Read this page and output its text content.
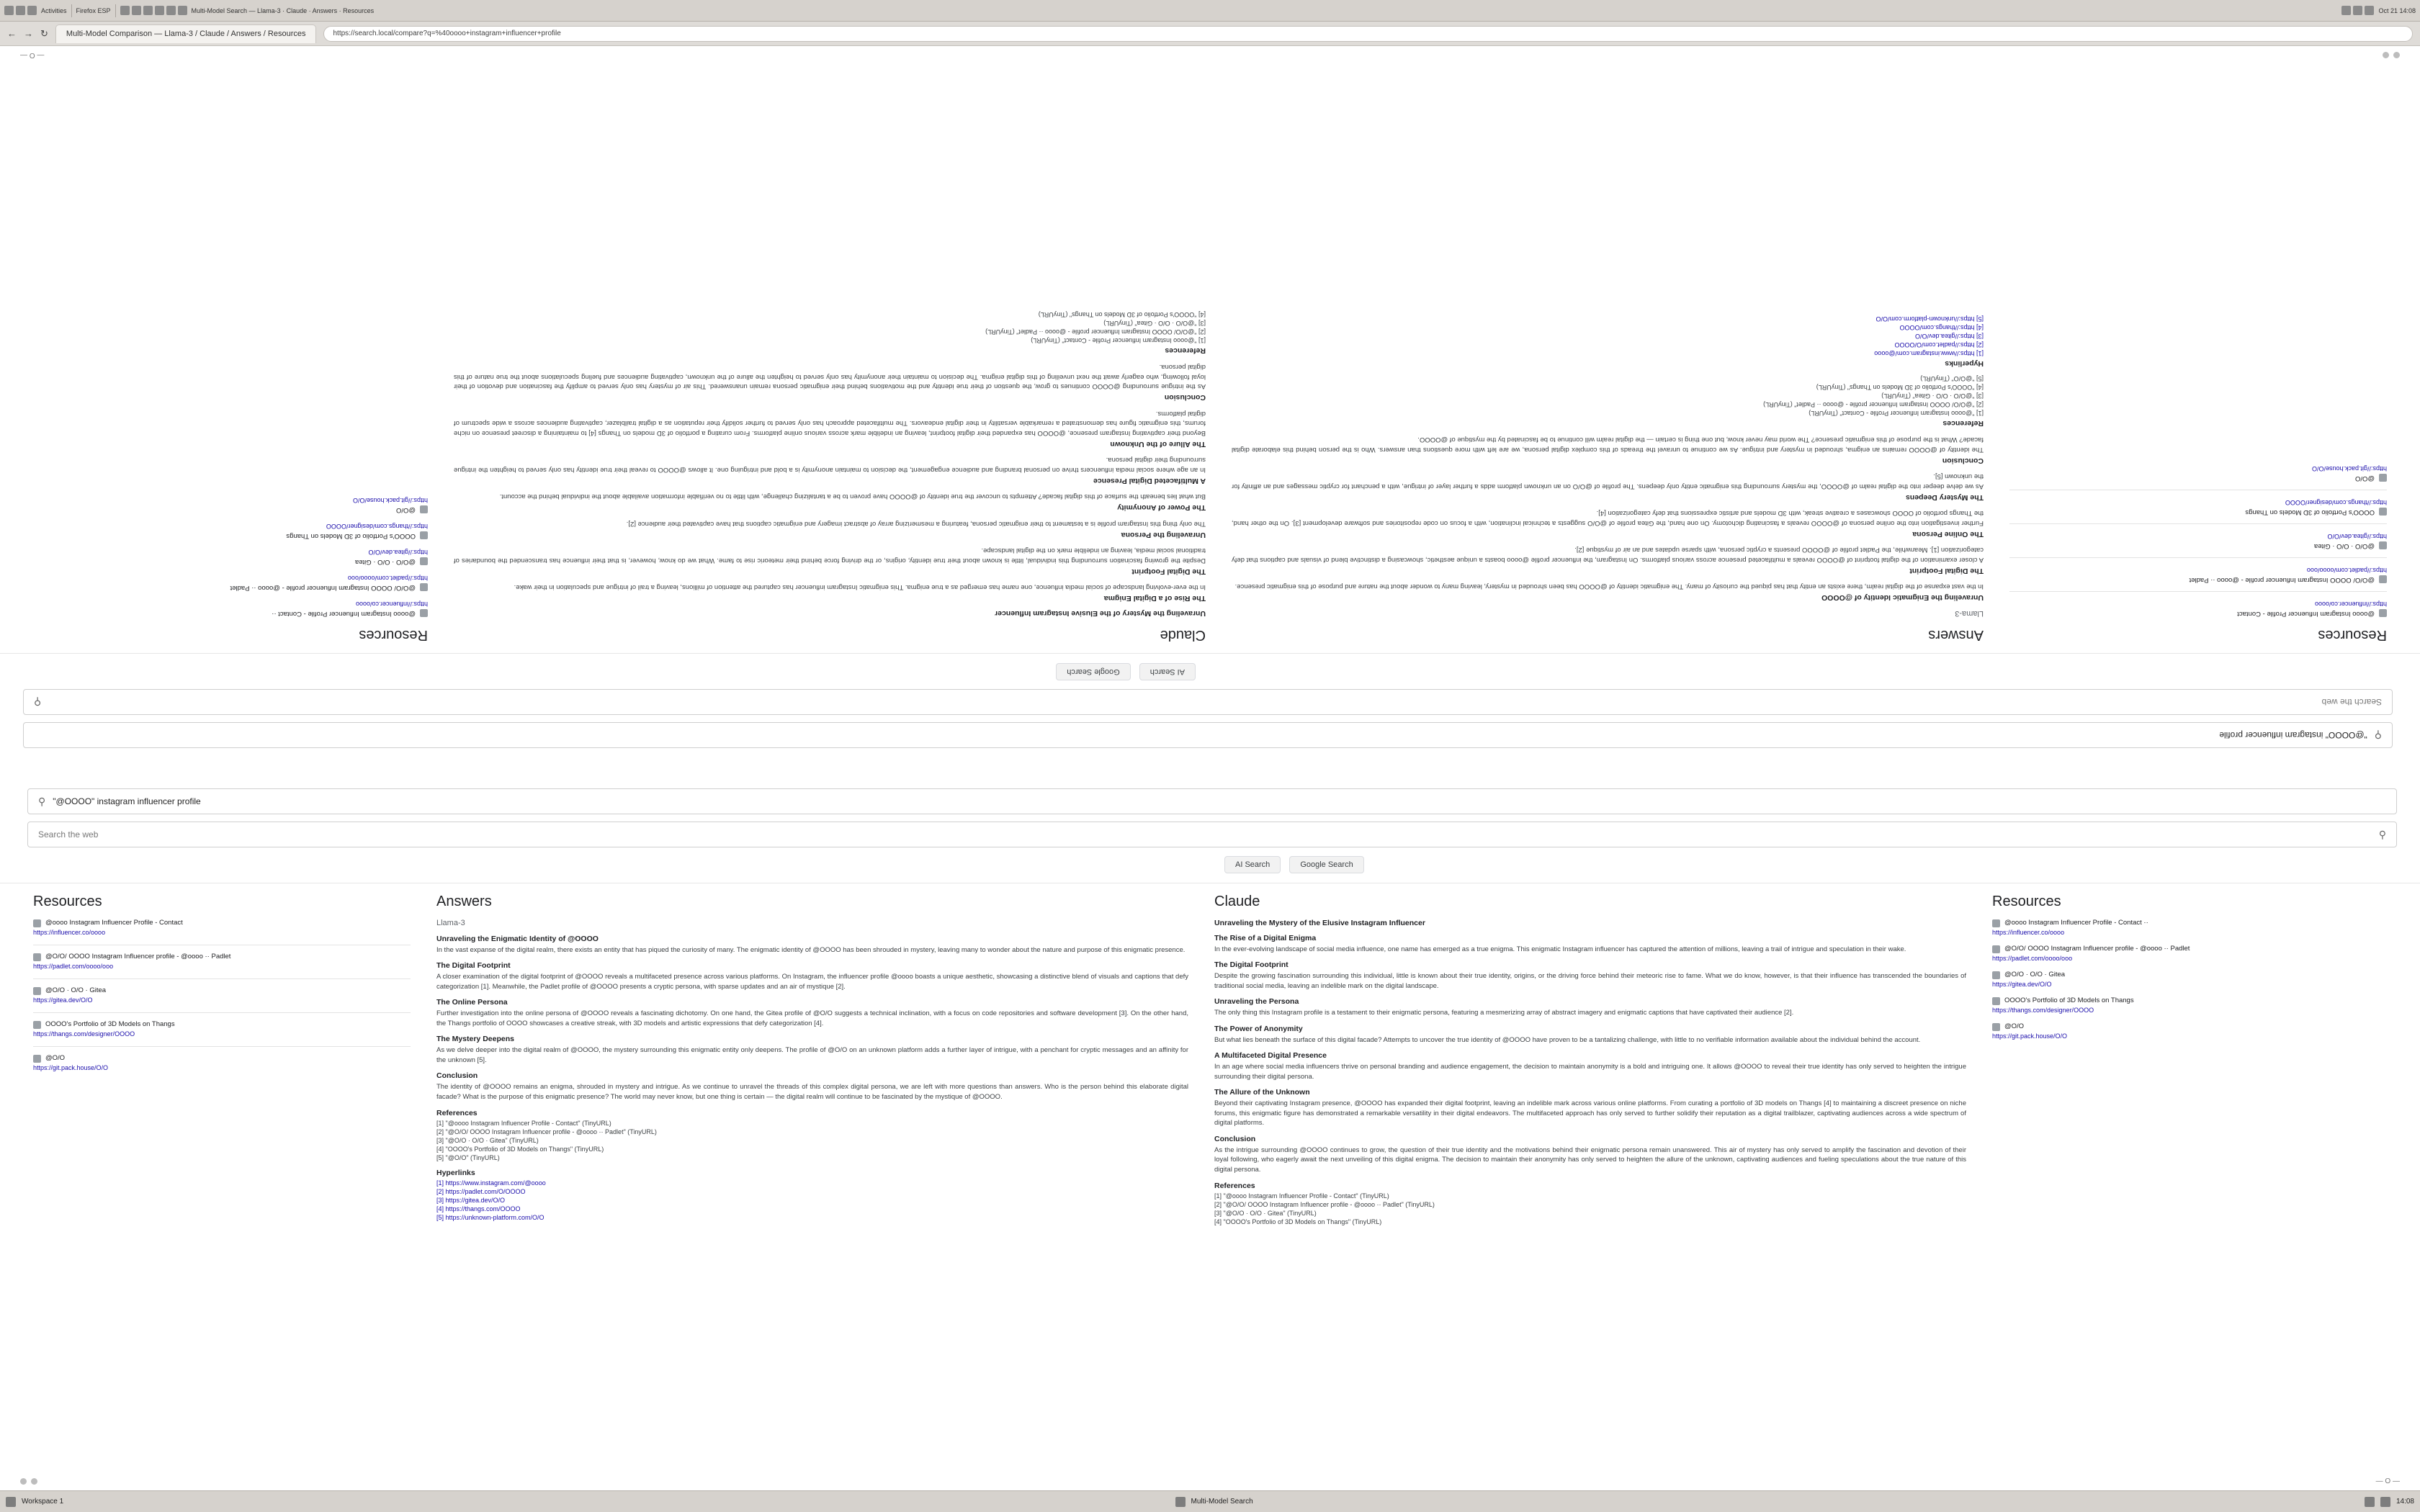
Activities Firefox ESP	Multi-Model Search — Llama-3 · Claude · Answers · Resources	Oct 21 14:08
← → ↻	Multi-Model Comparison — Llama-3 / Claude / Answers / Resources	https://search.local/compare?q=%40oooo+instagram+influencer+profile
⚲
"@OOOO" instagram influencer profile
Search the web
⚲
AI Search
Google Search
Resources
@oooo Instagram Influencer Profile - Contact
https://influencer.co/oooo
@O/O/ OOOO Instagram Influencer profile - @oooo ·· Padlet
https://padlet.com/oooo/ooo
@O/O · O/O · Gitea
https://gitea.dev/O/O
OOOO's Portfolio of 3D Models on Thangs
https://thangs.com/designer/OOOO
@O/O
https://git.pack.house/O/O
Answers
Llama-3
Unraveling the Enigmatic Identity of @OOOO

In the vast expanse of the digital realm, there exists an entity that has piqued the curiosity of many. The enigmatic identity of @OOOO has been shrouded in mystery, leaving many to wonder about the nature and purpose of this enigmatic presence.

The Digital Footprint

A closer examination of the digital footprint of @OOOO reveals a multifaceted presence across various platforms. On Instagram, the influencer profile @oooo boasts a unique aesthetic, showcasing a distinctive blend of visuals and captions that defy categorization [1]. Meanwhile, the Padlet profile of @OOOO presents a cryptic persona, with sparse updates and an air of mystique [2].

The Online Persona

Further investigation into the online persona of @OOOO reveals a fascinating dichotomy. On one hand, the Gitea profile of @O/O suggests a technical inclination, with a focus on code repositories and software development [3]. On the other hand, the Thangs portfolio of OOOO showcases a creative streak, with 3D models and artistic expressions that defy categorization [4].

The Mystery Deepens

As we delve deeper into the digital realm of @OOOO, the mystery surrounding this enigmatic entity only deepens. The profile of @O/O on an unknown platform adds a further layer of intrigue, with a penchant for cryptic messages and an affinity for the unknown [5].

Conclusion

The identity of @OOOO remains an enigma, shrouded in mystery and intrigue. As we continue to unravel the threads of this complex digital persona, we are left with more questions than answers. Who is the person behind this elaborate digital facade? What is the purpose of this enigmatic presence? The world may never know, but one thing is certain — the digital realm will continue to be fascinated by the mystique of @OOOO.

References
[1] "@oooo Instagram Influencer Profile - Contact" (TinyURL)
[2] "@O/O/ OOOO Instagram Influencer profile - @oooo ·· Padlet" (TinyURL)
[3] "@O/O · O/O · Gitea" (TinyURL)
[4] "OOOO's Portfolio of 3D Models on Thangs" (TinyURL)
[5] "@O/O" (TinyURL)
Hyperlinks
[1] https://www.instagram.com/@oooo
[2] https://padlet.com/O/OOOO
[3] https://gitea.dev/O/O
[4] https://thangs.com/OOOO
[5] https://unknown-platform.com/O/O
Claude
Unraveling the Mystery of the Elusive Instagram Influencer
The Rise of a Digital Enigma

In the ever-evolving landscape of social media influence, one name has emerged as a true enigma. This enigmatic Instagram influencer has captured the attention of millions, leaving a trail of intrigue and speculation in their wake.

The Digital Footprint

Despite the growing fascination surrounding this individual, little is known about their true identity, origins, or the driving force behind their meteoric rise to fame. What we do know, however, is that their influence has transcended the boundaries of traditional social media, leaving an indelible mark on the digital landscape.

Unraveling the Persona

The only thing this Instagram profile is a testament to their enigmatic persona, featuring a mesmerizing array of abstract imagery and enigmatic captions that have captivated their audience [2].

The Power of Anonymity

But what lies beneath the surface of this digital facade? Attempts to uncover the true identity of @OOOO have proven to be a tantalizing challenge, with little to no verifiable information available about the individual behind the account.

A Multifaceted Digital Presence

In an age where social media influencers thrive on personal branding and audience engagement, the decision to maintain anonymity is a bold and intriguing one. It allows @OOOO to reveal their true identity has only served to heighten the intrigue surrounding their digital persona.

The Allure of the Unknown

Beyond their captivating Instagram presence, @OOOO has expanded their digital footprint, leaving an indelible mark across various online platforms. From curating a portfolio of 3D models on Thangs [4] to maintaining a discreet presence on niche forums, this enigmatic figure has demonstrated a remarkable versatility in their digital endeavors. The multifaceted approach has only served to further solidify their reputation as a digital trailblazer, captivating audiences across a wide spectrum of digital platforms.

Conclusion

As the intrigue surrounding @OOOO continues to grow, the question of their true identity and the motivations behind their enigmatic persona remain unanswered. This air of mystery has only served to amplify the fascination and devotion of their loyal following, who eagerly await the next unveiling of this digital enigma. The decision to maintain their anonymity has only served to heighten the allure of the unknown, captivating audiences and fueling speculations about the true nature of this digital persona.

References
[1] "@oooo Instagram Influencer Profile - Contact" (TinyURL)
[2] "@O/O/ OOOO Instagram Influencer profile - @oooo ·· Padlet" (TinyURL)
[3] "@O/O · O/O · Gitea" (TinyURL)
[4] "OOOO's Portfolio of 3D Models on Thangs" (TinyURL)
Resources
@oooo Instagram Influencer Profile - Contact ··
https://influencer.co/oooo
@O/O/ OOOO Instagram Influencer profile - @oooo ·· Padlet
https://padlet.com/oooo/ooo
@O/O · O/O · Gitea
https://gitea.dev/O/O
OOOO's Portfolio of 3D Models on Thangs
https://thangs.com/designer/OOOO
@O/O
https://git.pack.house/O/O
— O —
⚲ "@OOOO" instagram influencer profile
Search the web	⚲
AI Search	Google Search
Resources
@oooo Instagram Influencer Profile - Contact
https://influencer.co/oooo
@O/O/ OOOO Instagram Influencer profile - @oooo ·· Padlet
https://padlet.com/oooo/ooo
@O/O · O/O · Gitea
https://gitea.dev/O/O
OOOO's Portfolio of 3D Models on Thangs
https://thangs.com/designer/OOOO
@O/O
https://git.pack.house/O/O
Answers
Llama-3
Unraveling the Enigmatic Identity of @OOOO

In the vast expanse of the digital realm, there exists an entity that has piqued the curiosity of many. The enigmatic identity of @OOOO has been shrouded in mystery, leaving many to wonder about the nature and purpose of this enigmatic presence.

The Digital Footprint

A closer examination of the digital footprint of @OOOO reveals a multifaceted presence across various platforms. On Instagram, the influencer profile @oooo boasts a unique aesthetic, showcasing a distinctive blend of visuals and captions that defy categorization [1]. Meanwhile, the Padlet profile of @OOOO presents a cryptic persona, with sparse updates and an air of mystique [2].

The Online Persona

Further investigation into the online persona of @OOOO reveals a fascinating dichotomy. On one hand, the Gitea profile of @O/O suggests a technical inclination, with a focus on code repositories and software development [3]. On the other hand, the Thangs portfolio of OOOO showcases a creative streak, with 3D models and artistic expressions that defy categorization [4].

The Mystery Deepens

As we delve deeper into the digital realm of @OOOO, the mystery surrounding this enigmatic entity only deepens. The profile of @O/O on an unknown platform adds a further layer of intrigue, with a penchant for cryptic messages and an affinity for the unknown [5].

Conclusion

The identity of @OOOO remains an enigma, shrouded in mystery and intrigue. As we continue to unravel the threads of this complex digital persona, we are left with more questions than answers. Who is the person behind this elaborate digital facade? What is the purpose of this enigmatic presence? The world may never know, but one thing is certain — the digital realm will continue to be fascinated by the mystique of @OOOO.

References
[1] "@oooo Instagram Influencer Profile - Contact" (TinyURL)
[2] "@O/O/ OOOO Instagram Influencer profile - @oooo ·· Padlet" (TinyURL)
[3] "@O/O · O/O · Gitea" (TinyURL)
[4] "OOOO's Portfolio of 3D Models on Thangs" (TinyURL)
[5] "@O/O" (TinyURL)
Hyperlinks
[1] https://www.instagram.com/@oooo
[2] https://padlet.com/O/OOOO
[3] https://gitea.dev/O/O
[4] https://thangs.com/OOOO
[5] https://unknown-platform.com/O/O
Claude
Unraveling the Mystery of the Elusive Instagram Influencer
The Rise of a Digital Enigma

In the ever-evolving landscape of social media influence, one name has emerged as a true enigma. This enigmatic Instagram influencer has captured the attention of millions, leaving a trail of intrigue and speculation in their wake.

The Digital Footprint

Despite the growing fascination surrounding this individual, little is known about their true identity, origins, or the driving force behind their meteoric rise to fame. What we do know, however, is that their influence has transcended the boundaries of traditional social media, leaving an indelible mark on the digital landscape.

Unraveling the Persona

The only thing this Instagram profile is a testament to their enigmatic persona, featuring a mesmerizing array of abstract imagery and enigmatic captions that have captivated their audience [2].

The Power of Anonymity

But what lies beneath the surface of this digital facade? Attempts to uncover the true identity of @OOOO have proven to be a tantalizing challenge, with little to no verifiable information available about the individual behind the account.

A Multifaceted Digital Presence

In an age where social media influencers thrive on personal branding and audience engagement, the decision to maintain anonymity is a bold and intriguing one. It allows @OOOO to reveal their true identity has only served to heighten the intrigue surrounding their digital persona.

The Allure of the Unknown

Beyond their captivating Instagram presence, @OOOO has expanded their digital footprint, leaving an indelible mark across various online platforms. From curating a portfolio of 3D models on Thangs [4] to maintaining a discreet presence on niche forums, this enigmatic figure has demonstrated a remarkable versatility in their digital endeavors. The multifaceted approach has only served to further solidify their reputation as a digital trailblazer, captivating audiences across a wide spectrum of digital platforms.

Conclusion

As the intrigue surrounding @OOOO continues to grow, the question of their true identity and the motivations behind their enigmatic persona remain unanswered. This air of mystery has only served to amplify the fascination and devotion of their loyal following, who eagerly await the next unveiling of this digital enigma. The decision to maintain their anonymity has only served to heighten the allure of the unknown, captivating audiences and fueling speculations about the true nature of this digital persona.

References
[1] "@oooo Instagram Influencer Profile - Contact" (TinyURL)
[2] "@O/O/ OOOO Instagram Influencer profile - @oooo ·· Padlet" (TinyURL)
[3] "@O/O · O/O · Gitea" (TinyURL)
[4] "OOOO's Portfolio of 3D Models on Thangs" (TinyURL)
Resources
@oooo Instagram Influencer Profile - Contact ··
https://influencer.co/oooo
@O/O/ OOOO Instagram Influencer profile - @oooo ·· Padlet
https://padlet.com/oooo/ooo
@O/O · O/O · Gitea
https://gitea.dev/O/O
OOOO's Portfolio of 3D Models on Thangs
https://thangs.com/designer/OOOO
@O/O
https://git.pack.house/O/O
— O —
Workspace 1	Multi-Model Search	14:08
